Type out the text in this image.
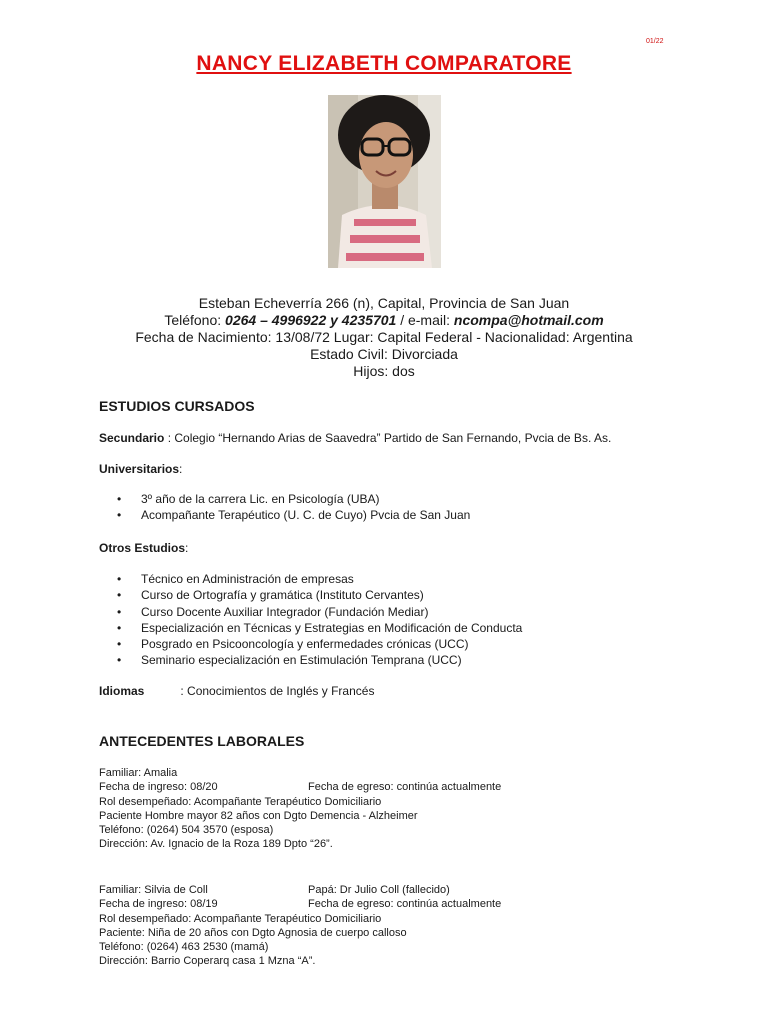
01/22
NANCY ELIZABETH COMPARATORE
Esteban Echeverría 266 (n), Capital, Provincia de San Juan
Teléfono: 0264 – 4996922 y 4235701 / e-mail: ncompa@hotmail.com
Fecha de Nacimiento: 13/08/72 Lugar: Capital Federal - Nacionalidad: Argentina
Estado Civil: Divorciada
Hijos: dos
ESTUDIOS CURSADOS
Secundario : Colegio “Hernando Arias de Saavedra” Partido de San Fernando, Pvcia de Bs. As.
Universitarios:
• 3º año de la carrera Lic. en Psicología (UBA)
• Acompañante Terapéutico (U. C. de Cuyo) Pvcia de San Juan
Otros Estudios:
• Técnico en Administración de empresas
• Curso de Ortografía y gramática (Instituto Cervantes)
• Curso Docente Auxiliar Integrador (Fundación Mediar)
• Especialización en Técnicas y Estrategias en Modificación de Conducta
• Posgrado en Psicooncología y enfermedades crónicas (UCC)
• Seminario especialización en Estimulación Temprana (UCC)
Idiomas	: Conocimientos de Inglés y Francés
ANTECEDENTES LABORALES
Familiar: Amalia
Fecha de ingreso: 08/20	Fecha de egreso: continúa actualmente
Rol desempeñado: Acompañante Terapéutico Domiciliario
Paciente Hombre mayor 82 años con Dgto Demencia - Alzheimer
Teléfono: (0264) 504 3570 (esposa)
Dirección: Av. Ignacio de la Roza 189 Dpto “26”.
Familiar: Silvia de Coll	Papá: Dr Julio Coll (fallecido)
Fecha de ingreso: 08/19	Fecha de egreso: continúa actualmente
Rol desempeñado: Acompañante Terapéutico Domiciliario
Paciente: Niña de 20 años con Dgto Agnosia de cuerpo calloso
Teléfono: (0264) 463 2530 (mamá)
Dirección: Barrio Coperarq casa 1 Mzna “A”.
